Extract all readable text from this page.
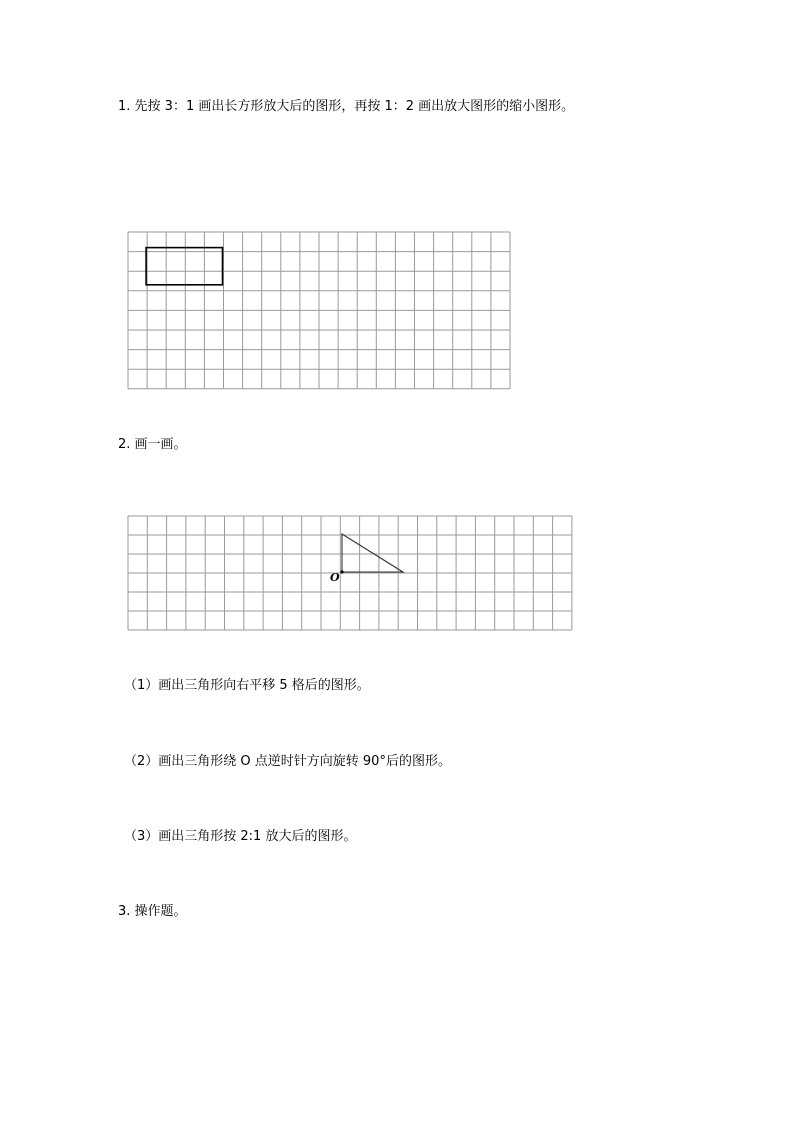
1. 先按 3：1 画出长方形放大后的图形，再按 1：2 画出放大图形的缩小图形。
2. 画一画。
O
（1）画出三角形向右平移 5 格后的图形。
（2）画出三角形绕 O 点逆时针方向旋转 90°后的图形。
（3）画出三角形按 2:1 放大后的图形。
3. 操作题。
